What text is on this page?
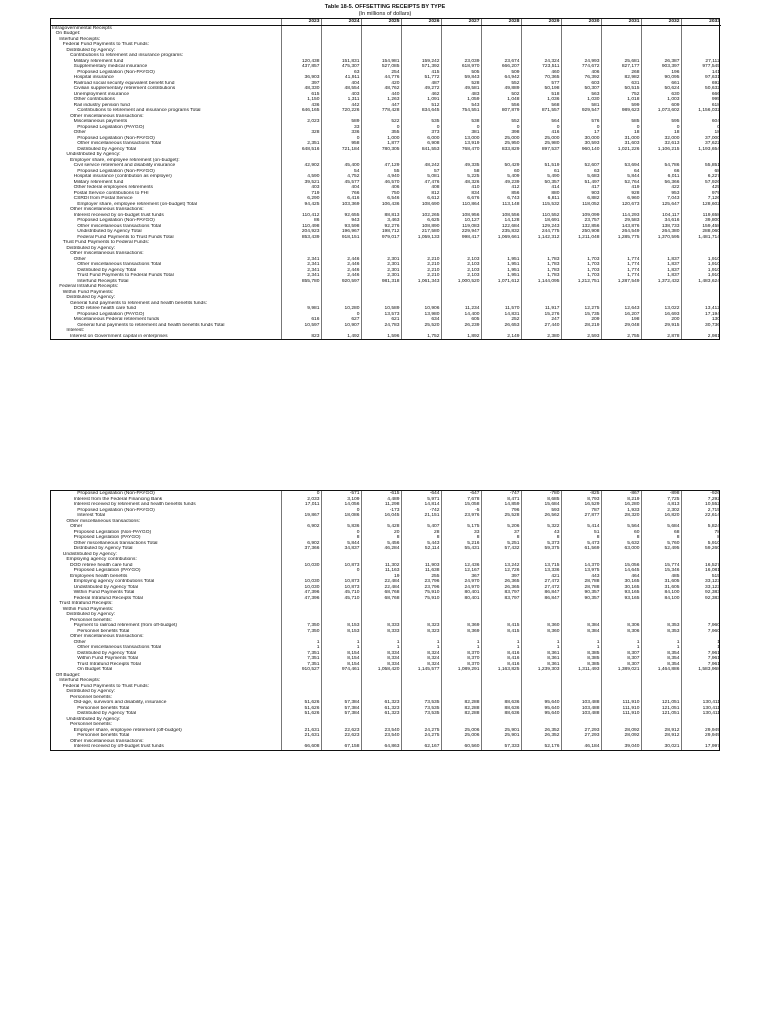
Table 18-5. OFFSETTING RECEIPTS BY TYPE
(In millions of dollars)
	2023	2024	2025	2026	2027	2028	2029	2030	2031	2032	2033
Intragovernmental Receipts											
On Budget:											
Interfund Receipts:											
Federal Fund Payments to Trust Funds:											
Distributed by Agency:											
Contributions to retirement and insurance programs:											
Military retirement fund	120,438	151,831	154,981	159,242	23,039	23,674	24,324	24,993	25,681	26,387	27,112
Supplementary medical insurance	437,857	475,307	527,085	571,392	618,970	666,207	723,511	774,672	827,177	903,397	977,545
Proposed Legislation (Non-PAYGO)		63	254	415	505	509	460	406	268	196	141
Hospital insurance	36,903	41,911	44,776	51,772	59,843	64,942	70,365	76,392	82,982	90,095	97,631
Railroad social security equivalent benefit fund	397	404	420	487	528	552	577	603	631	661	692
Civilian supplementary retirement contributions	48,330	48,554	48,762	49,272	49,581	49,889	50,198	50,307	50,515	50,624	50,632
Unemployment insurance	615	403	440	462	483	502	518	563	752	630	666
Other contributions	1,150	1,311	1,263	1,091	1,059	1,048	1,036	1,030	1,018	1,003	995
Rail industry pension fund	436	442	447	512	543	556	568	581	599	609	618
Contributions to retirement and insurance programs Total	646,165	720,226	778,428	834,645	754,551	807,879	871,557	929,547	989,623	1,073,602	1,156,032
Other miscellaneous transactions:											
Miscellaneous payments	2,023	589	522	535	538	552	564	576	585	595	604
Proposed Legislation (PAYGO)		33	0	0	0	0	0	0	0	0	0
Other	328	336	355	373	381	398	416	17	18	18	18
Proposed Legislation (Non-PAYGO)		0	1,000	6,000	13,000	25,000	25,000	30,000	31,000	32,000	37,000
Other miscellaneous transactions Total	2,351	958	1,877	6,908	13,919	25,950	25,980	30,593	31,603	32,613	37,622
Distributed by Agency Total	648,516	721,184	780,305	841,553	768,470	833,829	897,537	960,140	1,021,226	1,106,215	1,193,654
Undistributed by Agency:											
Employer share, employee retirement (on-budget):											
Civil service retirement and disability insurance	42,902	45,400	47,129	48,242	49,335	50,429	51,519	52,607	53,694	54,786	55,851
Proposed Legislation (Non-PAYGO)		54	55	57	58	60	61	63	64	66	68
Hospital insurance (contribution as employer)	4,590	4,752	4,940	5,081	5,225	5,409	5,490	5,683	5,844	6,011	6,227
Military retirement fund	39,521	45,577	46,570	47,476	48,326	49,239	50,357	51,497	52,764	56,366	57,926
Other federal employees retirements	403	404	406	408	410	412	414	417	419	422	425
Postal Service contributions to FHI	719	766	750	812	834	856	880	903	928	953	979
CSRDI from Postal Service	6,290	6,416	6,546	6,612	6,676	6,743	6,811	6,882	6,960	7,043	7,126
Employer share, employee retirement (on-budget) Total	94,425	103,369	106,436	108,690	110,864	113,148	115,532	118,052	120,673	125,647	128,602
Other miscellaneous transactions:											
Interest received by on-budget trust funds	110,412	92,655	88,813	102,265	108,956	108,556	110,552	109,099	114,293	104,117	119,658
Proposed Legislation (Non-PAYGO)	86	943	3,463	6,625	10,127	14,128	18,691	23,757	29,583	34,616	39,800
Other miscellaneous transactions Total	110,498	93,598	92,276	108,890	119,083	122,684	129,243	132,856	143,876	138,733	159,458
Undistributed by Agency Total	204,923	196,967	198,712	217,580	229,947	235,832	244,775	250,908	264,549	264,380	288,060
Federal Fund Payments to Trust Funds Total	853,439	918,151	979,017	1,059,133	998,417	1,069,661	1,142,312	1,211,048	1,285,775	1,370,595	1,481,714
Trust Fund Payments to Federal Funds:											
Distributed by Agency:											
Other miscellaneous transactions:											
Other	2,341	2,446	2,301	2,210	2,103	1,951	1,783	1,703	1,774	1,837	1,910
Other miscellaneous transactions Total	2,341	2,446	2,301	2,210	2,103	1,951	1,783	1,703	1,774	1,837	1,910
Distributed by Agency Total	2,341	2,446	2,301	2,210	2,103	1,951	1,783	1,703	1,774	1,837	1,910
Trust Fund Payments to Federal Funds Total	2,341	2,446	2,301	2,210	2,103	1,951	1,783	1,703	1,774	1,837	1,910
Interfund Receipts Total	855,780	920,597	981,318	1,061,343	1,000,520	1,071,612	1,144,095	1,212,751	1,287,549	1,372,432	1,483,624
Federal Intrafund Receipts:											
Within Fund Payments:											
Distributed by Agency:											
General fund payments to retirement and health benefits funds:											
DOD retiree health care fund	9,981	10,280	10,589	10,906	11,234	11,570	11,917	12,275	12,643	13,022	13,412
Proposed Legislation (PAYGO)		0	13,573	13,980	14,400	14,831	15,276	15,735	16,207	16,693	17,194
Miscellaneous Federal retirement funds	616	627	621	634	605	252	247	209	198	200	130
General fund payments to retirement and health benefits funds Total	10,597	10,907	24,783	25,520	26,239	26,653	27,440	28,219	29,048	29,915	30,736
Interest:											
Interest on Government capital in enterprises	823	1,492	1,596	1,752	1,892	2,149	2,380	2,593	2,755	2,878	2,981
Proposed Legislation (Non-PAYGO)	0	-571	-615	-644	-647	-747	-780	-825	-867	-898	-926
Interest from the Federal Financing Bank	2,033	3,109	4,489	5,971	7,678	8,471	8,685	8,793	8,219	7,725	7,292
Interest received by retirement and health benefits funds	17,011	14,056	11,298	14,814	15,058	14,859	15,684	16,529	16,280	4,813	10,552
Proposed Legislation (Non-PAYGO)		0	-173	-742	-5	796	593	787	1,933	2,302	2,715
Interest Total	19,867	18,086	16,045	21,151	23,976	25,528	26,562	27,877	28,320	16,820	22,614
Other miscellaneous transactions:											
Other	6,902	5,836	5,428	5,407	5,175	5,206	5,322	5,414	5,564	5,684	5,824
Proposed Legislation (Non-PAYGO)		0	20	28	33	37	43	51	60	68	78
Proposed Legislation (PAYGO)		8	8	8	8	8	8	8	8	8	8
Other miscellaneous transactions Total	6,902	5,844	5,456	5,443	5,216	5,251	5,373	5,473	5,632	5,760	5,910
Distributed by Agency Total	37,366	34,837	46,284	52,114	55,431	57,432	59,375	61,569	63,000	52,495	59,260
Undistributed by Agency:											
Employing agency contributions:											
DOD retiree health care fund	10,030	10,873	11,302	11,903	12,436	13,242	13,715	14,370	15,056	15,774	16,527
Proposed Legislation (PAYGO)		0	11,163	11,638	12,167	12,726	13,336	13,975	14,645	15,346	16,081
Employees health benefits			19	255	367	397	421	443	464	485	515
Employing agency contributions Total	10,030	10,873	22,484	23,796	24,970	26,365	27,472	28,788	30,165	31,605	33,123
Undistributed by Agency Total	10,030	10,873	22,484	23,796	24,970	26,365	27,472	28,788	30,165	31,605	33,123
Within Fund Payments Total	47,396	45,710	68,768	75,910	80,401	83,797	86,847	90,357	93,165	84,100	92,383
Federal Intrafund Receipts Total	47,396	45,710	68,768	75,910	80,401	83,797	86,847	90,357	93,165	84,100	92,383
Trust Intrafund Receipts:											
Within Fund Payments:											
Distributed by Agency:											
Personnel benefits:											
Payment to railroad retirement (from off-budget)	7,350	8,153	8,333	8,323	8,369	8,415	8,360	8,384	8,306	8,353	7,960
Personnel benefits Total	7,350	8,153	8,333	8,323	8,369	8,415	8,360	8,384	8,306	8,353	7,960
Other miscellaneous transactions:											
Other	1	1	1	1	1	1	1	1	1	1	1
Other miscellaneous transactions Total	1	1	1	1	1	1	1	1	1	1	1
Distributed by Agency Total	7,351	8,154	8,334	8,324	8,370	8,416	8,361	8,385	8,307	8,354	7,961
Within Fund Payments Total	7,351	8,154	8,334	8,324	8,370	8,416	8,361	8,385	8,307	8,354	7,961
Trust Intrafund Receipts Total	7,351	8,154	8,334	8,324	8,370	8,416	8,361	8,385	8,307	8,354	7,961
On Budget Total	910,527	974,461	1,058,420	1,145,577	1,089,291	1,163,825	1,239,303	1,311,493	1,389,021	1,464,886	1,583,968
Off Budget:											
Interfund Receipts:											
Federal Fund Payments to Trust Funds:											
Distributed by Agency:											
Personnel benefits:											
Old-age, survivors and disability, insurance	51,626	57,384	61,323	73,535	82,288	88,636	95,640	103,488	111,910	121,051	130,411
Personnel benefits Total	51,626	57,384	61,323	73,535	82,288	88,636	95,640	103,488	111,910	121,051	130,411
Distributed by Agency Total	51,626	57,384	61,323	73,535	82,288	88,636	95,640	103,488	111,910	121,051	130,411
Undistributed by Agency:											
Personnel benefits:											
Employer share, employee retirement (off-budget)	21,631	22,623	23,540	24,275	25,006	25,901	26,352	27,293	28,092	28,912	29,949
Personnel benefits Total	21,631	22,623	23,540	24,275	25,006	25,901	26,352	27,293	28,092	28,912	29,949
Other miscellaneous transactions:											
Interest received by off-budget trust funds	66,608	67,158	64,863	62,167	60,560	57,333	52,176	46,184	39,040	30,021	17,997
